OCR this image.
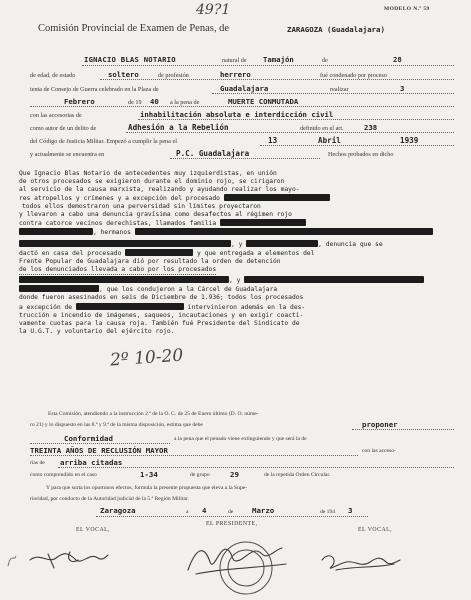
49?1	MODELO N.º 59
Comisión Provincial de Examen de Penas, de	ZARAGOZA (Guadalajara)
IGNACIO BLAS NOTARIO	natural de Tamajón	de	28
de edad, de estado	soltero	de profesión	herrero	fué condenado por proceso
tenta de Consejo de Guerra celebrado en la Plaza de	Guadalajara	realizar	3
Febrero	de 19 40 a la pena de	MUERTE CONMUTADA
con las accesorias de	inhabilitación absoluta e interdicción civil
como autor de un delito de	Adhesión a la Rebelión	definido en el art.	238
del Código de Justicia Militar. Empezó a cumplir la pena el	13	Abril	1939
y actualmente se encuentra en	P.C. Guadalajara	Hechos probados en dicho
Que Ignacio Blas Notario de antecedentes muy izquierdistas, en unión
de otros procesados se exigieron durante el dominio rojo, se cirigaron
al servicio de la causa marxista, realizando y ayudando realizar los mayo-
res atropellos y crímenes y a excepción del procesado
todos ellos demostraron una perversidad sin límites proyectaron
y llevaron a cabo una denuncia gravísima como desafectos al régimen rojo
contra catorce vecinos derechistas, llamados familia
, hermanos
, y	, denuncia que se
dactó en casa del procesado	y que entregada a elementos del
Frente Popular de Guadalajara dió por resultado la orden de detención
de los denunciados llevada a cabo por los procesados
, y
, que los condujeron a la Cárcel de Guadalajara
donde fueron asesinados en seis de Diciembre de 1.936; todos los procesados
a excepción de	intervinieron además en la des-
trucción e incendio de imágenes, saqueos, incautaciones y en exigir coacti-
vamente cuotas para la causa roja. También fué Presidente del Sindicato de
la U.G.T. y voluntario del ejército rojo.
2º 10-20
Esta Comisión, atendiendo a la instrucción 2.ª de la O. C. de 25 de Enero último (D. O. núme-
ro 21) y lo dispuesto en las 8.ª y 9.ª de la misma disposición, estima que debe	proponer
Conformidad	a la pena que el penado viene extinguiendo y que será la de
TREINTA AÑOS DE RECLUSIÓN MAYOR	con las acceso-
rias de arriba citadas
como comprendido en el caso	1-34	de grupo	29	de la repetida Orden Circular.
Y para que surta los oportunos efectos, formula la presente propuesta que eleva a la Supe-
rioridad, por conducto de la Autoridad judicial de la 5.ª Región Militar.
Zaragoza	a 4	de	Marzo	de 194 3
EL VOCAL,
EL PRESIDENTE,
EL VOCAL,
